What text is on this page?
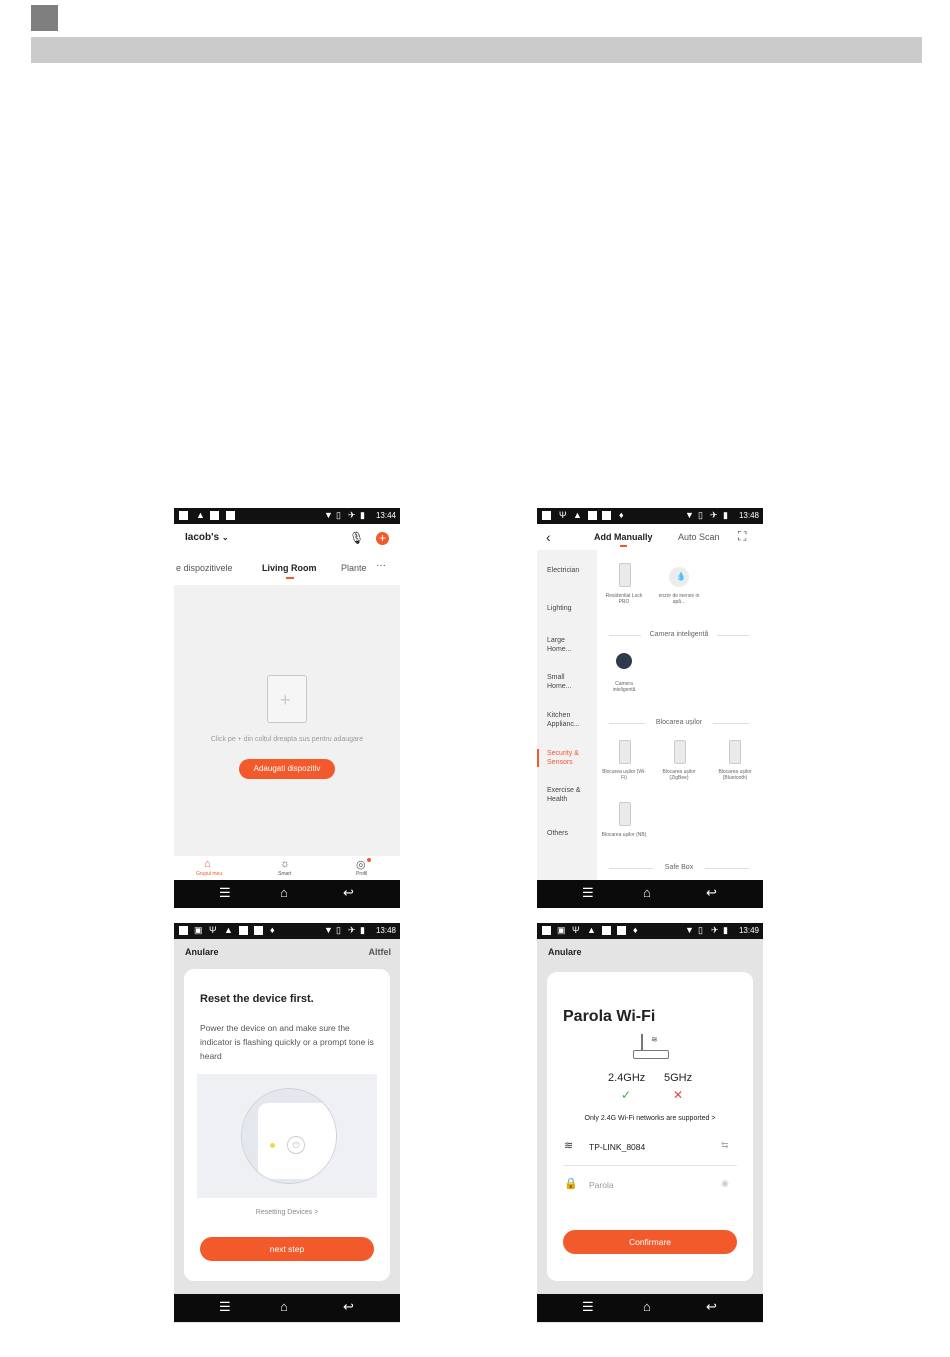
▲	▼ ▯ ✈ ▮ 13:44
Iacob's ⌄	🎙 +
e dispozitivele	Living Room	Plante ···
+
Click pe + din colțul dreapta sus pentru adaugare
Adaugati dispozitiv
⌂
Grupul meu
☼
Smart
◎
Profil
☰	⌂	↩
Ψ ▲	♦	▼ ▯ ✈ ▮ 13:48
‹	Add Manually	Auto Scan ⛶
Electrician
Lighting
Large Home...
Small Home...
Kitchen Applianc...
Security & Sensors
Exercise & Health
Others
Residential Lock PRO
💧
enzor de inersie in apă...
Camera inteligentă
Camera inteligentă
Blocarea ușilor
Blocarea ușilor (Wi-Fi)
Blocarea ușilor (ZigBee)
Blocarea ușilor (Bluetooth)
Blocarea ușilor (NB)
Safe Box
☰	⌂	↩
▣ Ψ ▲	♦	▼ ▯ ✈ ▮ 13:48
Anulare	Altfel
Reset the device first.
Power the device on and make sure the indicator is flashing quickly or a prompt tone is heard
⏻
Resetting Devices >
next step
☰	⌂	↩
▣ Ψ ▲	♦	▼ ▯ ✈ ▮ 13:49
Anulare
Parola Wi-Fi
≋
2.4GHz 5GHz
✓	✕
Only 2.4G Wi-Fi networks are supported >
≋ TP-LINK_8084	⇆
🔒 Parola	◉
Confirmare
☰	⌂	↩
